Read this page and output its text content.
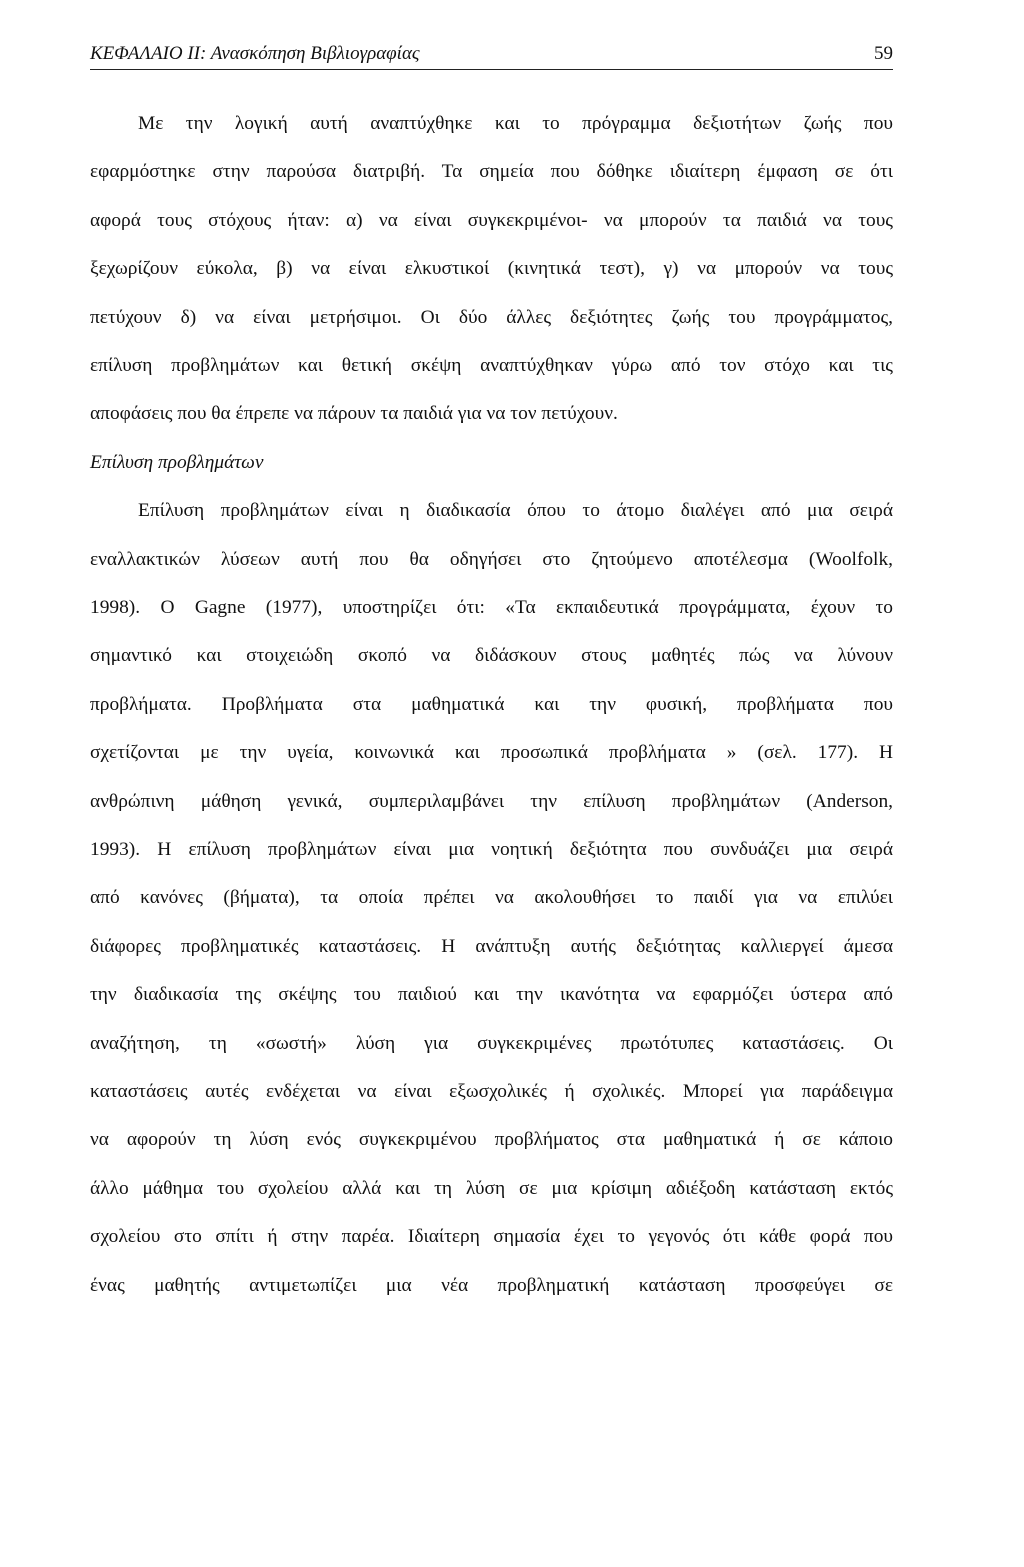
ΚΕΦΑΛΑΙΟ ΙΙ: Ανασκόπηση Βιβλιογραφίας	59
Με την λογική αυτή αναπτύχθηκε και το πρόγραμμα δεξιοτήτων ζωής που
εφαρμόστηκε στην παρούσα διατριβή. Τα σημεία που δόθηκε ιδιαίτερη έμφαση σε ότι
αφορά τους στόχους ήταν: α) να είναι συγκεκριμένοι- να μπορούν τα παιδιά να τους
ξεχωρίζουν εύκολα, β) να είναι ελκυστικοί (κινητικά τεστ), γ) να μπορούν να τους
πετύχουν δ) να είναι μετρήσιμοι. Οι δύο άλλες δεξιότητες ζωής του προγράμματος,
επίλυση προβλημάτων και θετική σκέψη αναπτύχθηκαν γύρω από τον στόχο και τις
αποφάσεις που θα έπρεπε να πάρουν τα παιδιά για να τον πετύχουν.
Επίλυση προβλημάτων
Επίλυση προβλημάτων είναι η διαδικασία όπου το άτομο διαλέγει από μια σειρά
εναλλακτικών λύσεων αυτή που θα οδηγήσει στο ζητούμενο αποτέλεσμα (Woolfolk,
1998). Ο Gagne (1977), υποστηρίζει ότι: «Τα εκπαιδευτικά προγράμματα, έχουν το
σημαντικό και στοιχειώδη σκοπό να διδάσκουν στους μαθητές πώς να λύνουν
προβλήματα. Προβλήματα στα μαθηματικά και την φυσική, προβλήματα που
σχετίζονται με την υγεία, κοινωνικά και προσωπικά προβλήματα » (σελ. 177). Η
ανθρώπινη μάθηση γενικά, συμπεριλαμβάνει την επίλυση προβλημάτων (Anderson,
1993). Η επίλυση προβλημάτων είναι μια νοητική δεξιότητα που συνδυάζει μια σειρά
από κανόνες (βήματα), τα οποία πρέπει να ακολουθήσει το παιδί για να επιλύει
διάφορες προβληματικές καταστάσεις. Η ανάπτυξη αυτής δεξιότητας καλλιεργεί άμεσα
την διαδικασία της σκέψης του παιδιού και την ικανότητα να εφαρμόζει ύστερα από
αναζήτηση, τη «σωστή» λύση για συγκεκριμένες πρωτότυπες καταστάσεις. Οι
καταστάσεις αυτές ενδέχεται να είναι εξωσχολικές ή σχολικές. Μπορεί για παράδειγμα
να αφορούν τη λύση ενός συγκεκριμένου προβλήματος στα μαθηματικά ή σε κάποιο
άλλο μάθημα του σχολείου αλλά και τη λύση σε μια κρίσιμη αδιέξοδη κατάσταση εκτός
σχολείου στο σπίτι ή στην παρέα. Ιδιαίτερη σημασία έχει το γεγονός ότι κάθε φορά που
ένας μαθητής αντιμετωπίζει μια νέα προβληματική κατάσταση προσφεύγει σε
